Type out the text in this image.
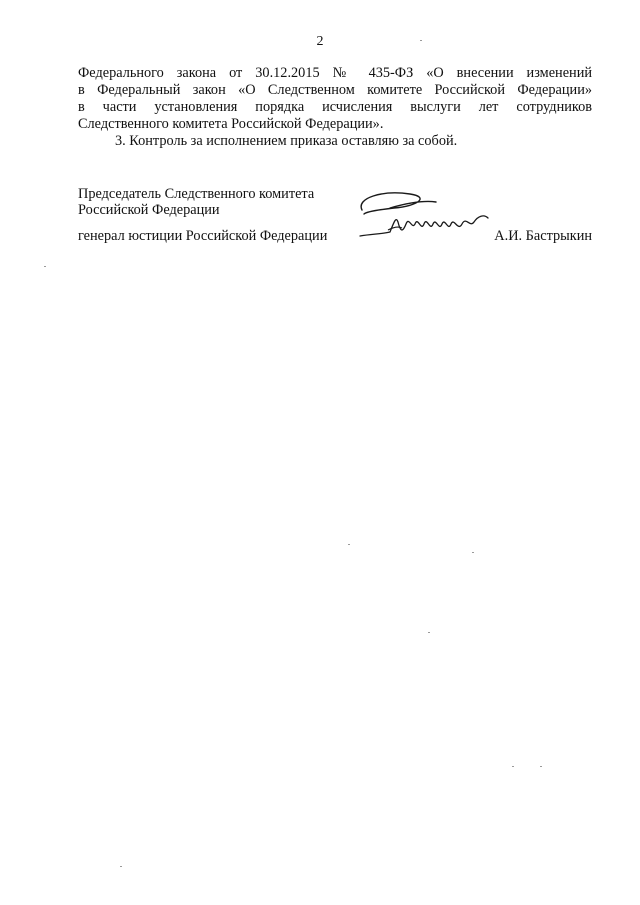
2

Федерального закона от 30.12.2015 № 435-ФЗ «О внесении изменений
в Федеральный закон «О Следственном комитете Российской Федерации»
в части установления порядка исчисления выслуги лет сотрудников
Следственного комитета Российской Федерации».

3. Контроль за исполнением приказа оставляю за собой.

Председатель Следственного комитета
Российской Федерации
генерал юстиции Российской Федерации	А.И. Бастрыкин
